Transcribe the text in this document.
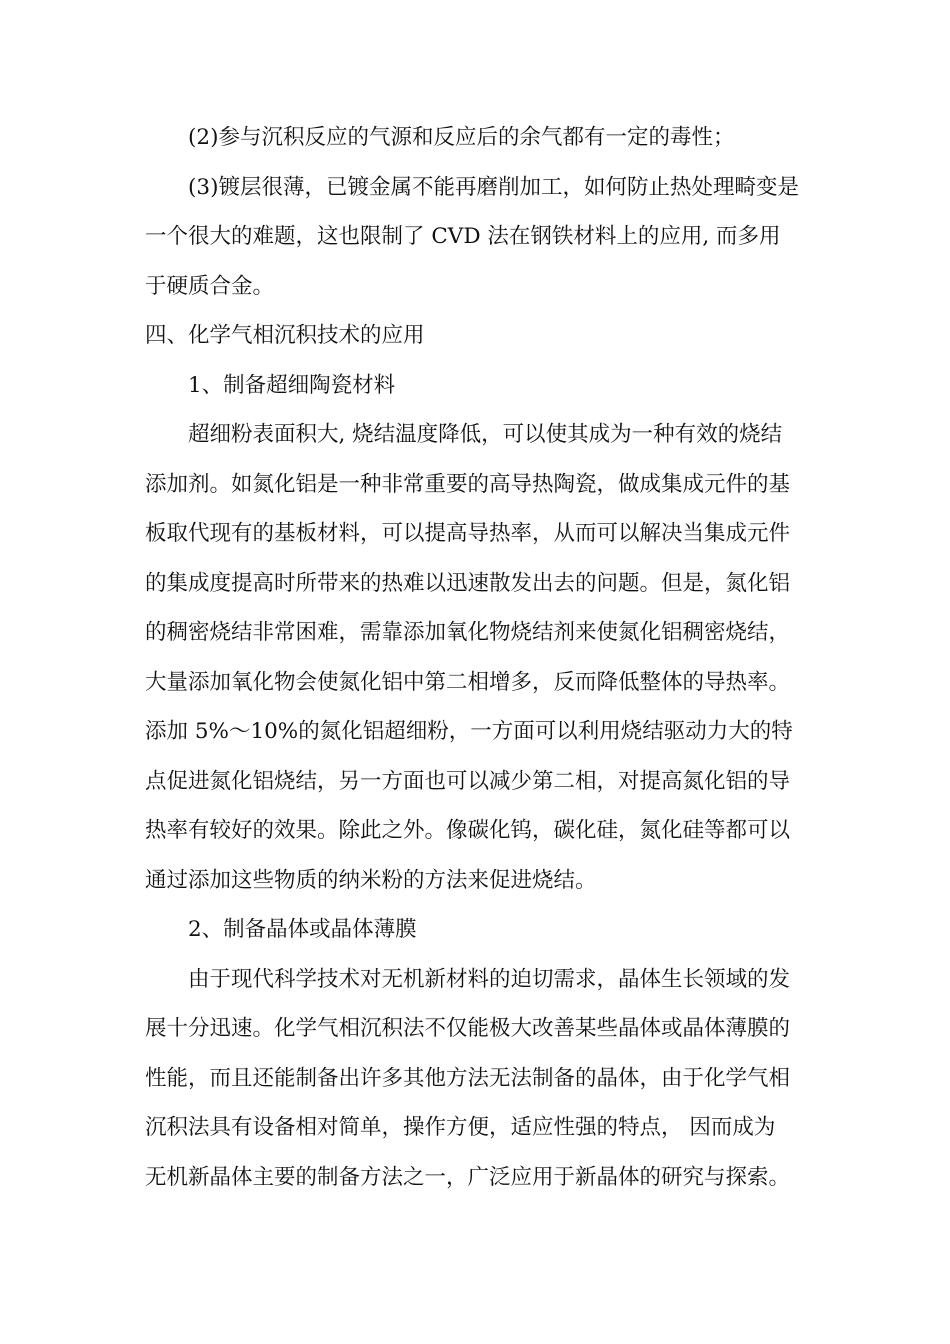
(2)参与沉积反应的气源和反应后的余气都有一定的毒性；
(3)镀层很薄，已镀金属不能再磨削加工，如何防止热处理畸变是
一个很大的难题，这也限制了 CVD 法在钢铁材料上的应用, 而多用
于硬质合金。
四、化学气相沉积技术的应用
1、制备超细陶瓷材料
超细粉表面积大, 烧结温度降低，可以使其成为一种有效的烧结
添加剂。如氮化铝是一种非常重要的高导热陶瓷，做成集成元件的基
板取代现有的基板材料，可以提高导热率，从而可以解决当集成元件
的集成度提高时所带来的热难以迅速散发出去的问题。但是，氮化铝
的稠密烧结非常困难，需靠添加氧化物烧结剂来使氮化铝稠密烧结，
大量添加氧化物会使氮化铝中第二相增多，反而降低整体的导热率。
添加 5%～10%的氮化铝超细粉，一方面可以利用烧结驱动力大的特
点促进氮化铝烧结，另一方面也可以减少第二相，对提高氮化铝的导
热率有较好的效果。除此之外。像碳化钨，碳化硅，氮化硅等都可以
通过添加这些物质的纳米粉的方法来促进烧结。
2、制备晶体或晶体薄膜
由于现代科学技术对无机新材料的迫切需求，晶体生长领域的发
展十分迅速。化学气相沉积法不仅能极大改善某些晶体或晶体薄膜的
性能，而且还能制备出许多其他方法无法制备的晶体，由于化学气相
沉积法具有设备相对简单，操作方便，适应性强的特点， 因而成为
无机新晶体主要的制备方法之一，广泛应用于新晶体的研究与探索。
